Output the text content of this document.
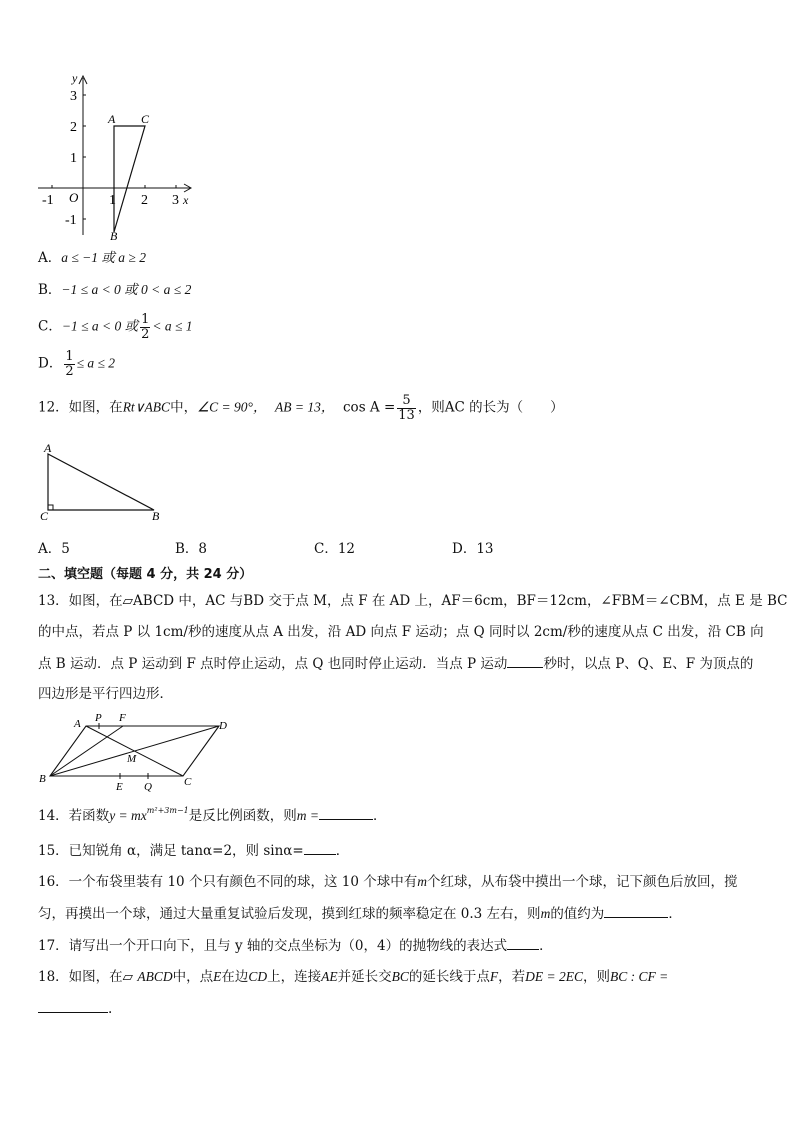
y
x
O
-1	1 2 3
3
2
1
-1
A C
B
A．a ≤ −1 或 a ≥ 2
B．−1 ≤ a < 0 或 0 < a ≤ 2
C．−1 ≤ a < 0 或 $\frac{1}{2} < a \le 1$
D． $\frac{1}{2} \le a \le 2$
12．如图，在Rt∨ABC中，∠C = 90°， AB = 13， $\cos A = \frac{5}{13}$ ，则AC 的长为（　　）
A
C	B
A．5	B．8	C．12	D．13
二、填空题（每题 4 分，共 24 分）
13．如图，在▱ABCD 中，AC 与BD 交于点 M，点 F 在 AD 上，AF＝6cm，BF＝12cm，∠FBM＝∠CBM，点 E 是 BC
的中点，若点 P 以 1cm/秒的速度从点 A 出发，沿 AD 向点 F 运动；点 Q 同时以 2cm/秒的速度从点 C 出发，沿 CB 向
点 B 运动．点 P 运动到 F 点时停止运动，点 Q 也同时停止运动．当点 P 运动	秒时，以点 P、Q、E、F 为顶点的
四边形是平行四边形．
A P F
D
M
B
E Q	C
14．若函数$y = mx^{m^2+3m-1}$是反比例函数，则m =	．
15．已知锐角 α，满足 tanα=2，则 sinα= ．
16．一个布袋里装有 10 个只有颜色不同的球，这 10 个球中有m个红球，从布袋中摸出一个球，记下颜色后放回，搅
匀，再摸出一个球，通过大量重复试验后发现，摸到红球的频率稳定在 0.3 左右，则m的值约为	．
17．请写出一个开口向下，且与 y 轴的交点坐标为（0，4）的抛物线的表达式 ．
18．如图，在▱ ABCD中，点E在边CD上，连接AE并延长交BC的延长线于点F，若DE = 2EC，则BC : CF =
.
